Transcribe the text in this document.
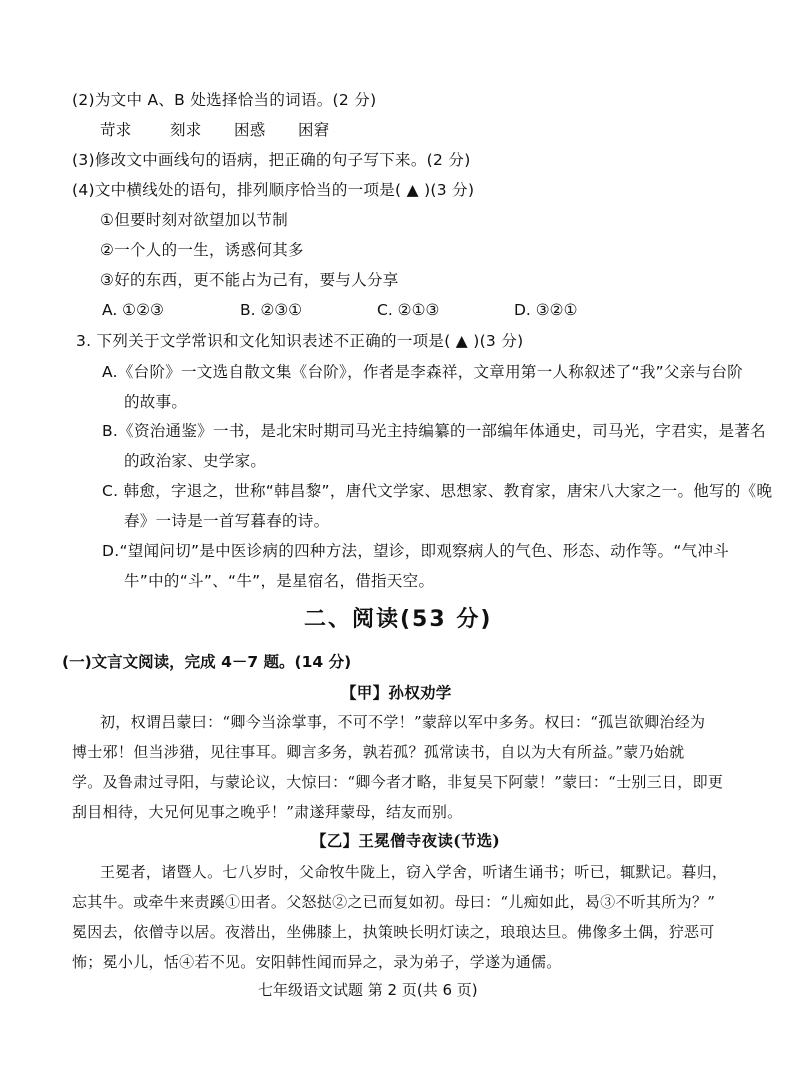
(2)为文中 A、B 处选择恰当的词语。(2 分)
苛求 刻求 困惑 困窘
(3)修改文中画线句的语病，把正确的句子写下来。(2 分)
(4)文中横线处的语句，排列顺序恰当的一项是( ▲ )(3 分)
①但要时刻对欲望加以节制
②一个人的一生，诱惑何其多
③好的东西，更不能占为己有，要与人分享
A. ①②③	B. ②③①	C. ②①③	D. ③②①
3. 下列关于文学常识和文化知识表述不正确的一项是( ▲ )(3 分)
A.《台阶》一文选自散文集《台阶》，作者是李森祥，文章用第一人称叙述了“我”父亲与台阶
的故事。
B.《资治通鉴》一书，是北宋时期司马光主持编纂的一部编年体通史，司马光，字君实，是著名
的政治家、史学家。
C. 韩愈，字退之，世称“韩昌黎”，唐代文学家、思想家、教育家，唐宋八大家之一。他写的《晚
春》一诗是一首写暮春的诗。
D.“望闻问切”是中医诊病的四种方法，望诊，即观察病人的气色、形态、动作等。“气冲斗
牛”中的“斗”、“牛”，是星宿名，借指天空。
二、阅读(53 分)
(一)文言文阅读，完成 4－7 题。(14 分)
【甲】孙权劝学
初，权谓吕蒙曰：“卿今当涂掌事，不可不学！”蒙辞以军中多务。权曰：“孤岂欲卿治经为
博士邪！但当涉猎，见往事耳。卿言多务，孰若孤？孤常读书，自以为大有所益。”蒙乃始就
学。及鲁肃过寻阳，与蒙论议，大惊曰：“卿今者才略，非复吴下阿蒙！”蒙曰：“士别三日，即更
刮目相待，大兄何见事之晚乎！”肃遂拜蒙母，结友而别。
【乙】王冕僧寺夜读(节选)
王冕者，诸暨人。七八岁时，父命牧牛陇上，窃入学舍，听诸生诵书；听已，辄默记。暮归，
忘其牛。或牵牛来责蹊①田者。父怒挞②之已而复如初。母曰：“儿痴如此，曷③不听其所为？”
冕因去，依僧寺以居。夜潜出，坐佛膝上，执策映长明灯读之，琅琅达旦。佛像多土偶，狞恶可
怖；冕小儿，恬④若不见。安阳韩性闻而异之，录为弟子，学遂为通儒。
七年级语文试题 第 2 页(共 6 页)
